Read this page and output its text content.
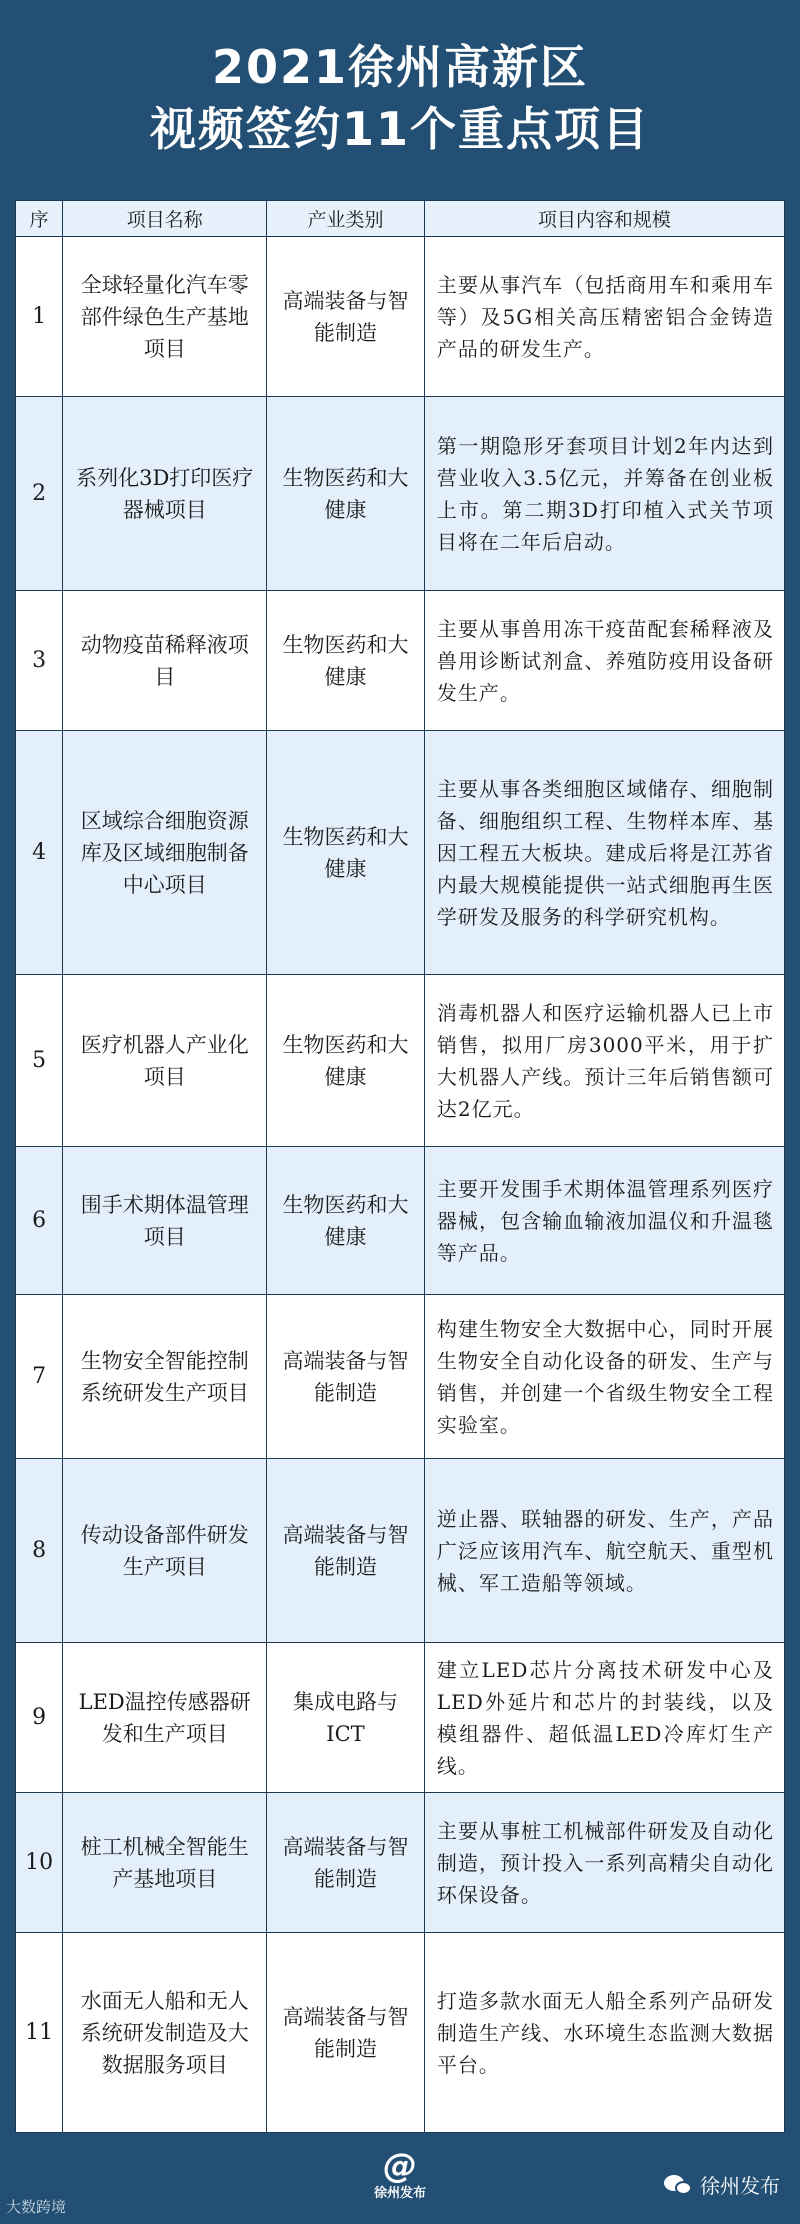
2021徐州高新区
视频签约11个重点项目
序	项目名称	产业类别	项目内容和规模
1	全球轻量化汽车零部件绿色生产基地项目	高端装备与智能制造	主要从事汽车（包括商用车和乘用车等）及5G相关高压精密铝合金铸造产品的研发生产。
2	系列化3D打印医疗器械项目	生物医药和大健康	第一期隐形牙套项目计划2年内达到营业收入3.5亿元，并筹备在创业板上市。第二期3D打印植入式关节项目将在二年后启动。
3	动物疫苗稀释液项目	生物医药和大健康	主要从事兽用冻干疫苗配套稀释液及兽用诊断试剂盒、养殖防疫用设备研发生产。
4	区域综合细胞资源库及区域细胞制备中心项目	生物医药和大健康	主要从事各类细胞区域储存、细胞制备、细胞组织工程、生物样本库、基因工程五大板块。建成后将是江苏省内最大规模能提供一站式细胞再生医学研发及服务的科学研究机构。
5	医疗机器人产业化项目	生物医药和大健康	消毒机器人和医疗运输机器人已上市销售，拟用厂房3000平米，用于扩大机器人产线。预计三年后销售额可达2亿元。
6	围手术期体温管理项目	生物医药和大健康	主要开发围手术期体温管理系列医疗器械，包含输血输液加温仪和升温毯等产品。
7	生物安全智能控制系统研发生产项目	高端装备与智能制造	构建生物安全大数据中心，同时开展生物安全自动化设备的研发、生产与销售，并创建一个省级生物安全工程实验室。
8	传动设备部件研发生产项目	高端装备与智能制造	逆止器、联轴器的研发、生产，产品广泛应该用汽车、航空航天、重型机械、军工造船等领域。
9	LED温控传感器研发和生产项目	集成电路与ICT	建立LED芯片分离技术研发中心及LED外延片和芯片的封装线，以及模组器件、超低温LED冷库灯生产线。
10	桩工机械全智能生产基地项目	高端装备与智能制造	主要从事桩工机械部件研发及自动化制造，预计投入一系列高精尖自动化环保设备。
11	水面无人船和无人系统研发制造及大数据服务项目	高端装备与智能制造	打造多款水面无人船全系列产品研发制造生产线、水环境生态监测大数据平台。
@
徐州发布
大数跨境
徐州发布
